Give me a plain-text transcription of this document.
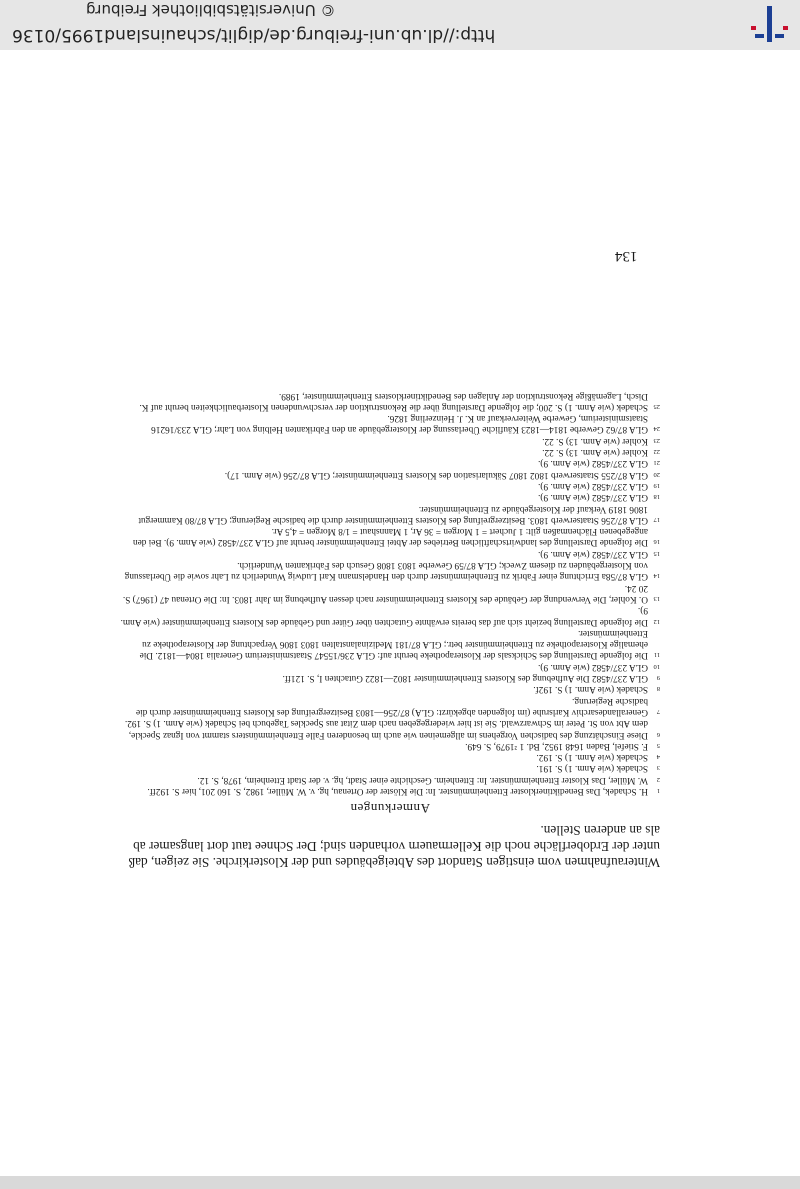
http://dl.ub.uni-freiburg.de/diglit/schauinsland1995/0136
© Universitätsbibliothek Freiburg
134

Winteraufnahmen vom einstigen Standort des Abteigebäudes und der Klosterkirche. Sie zeigen, daß unter der Erdoberfläche noch die Kellermauern vorhanden sind; Der Schnee taut dort langsamer ab als an anderen Stellen.

Anmerkungen

1H. Schadek, Das Benediktinerkloster Ettenheimmünster. In: Die Klöster der Ortenau, hg. v. W. Müller, 1982, S. 160 201, hier S. 192ff.

2W. Müller, Das Kloster Ettenheimmünster. In: Ettenheim. Geschichte einer Stadt, hg. v. der Stadt Ettenheim, 1978, S. 12.

3Schadek (wie Anm. 1) S. 191.

4Schadek (wie Anm. 1) S. 192.

5F. Stiefel, Baden 1648 1952, Bd. 1 ²1979, S. 649.

6Diese Einschätzung des badischen Vorgehens im allgemeinen wie auch im besonderen Falle Ettenheimmünsters stammt von Ignaz Speckle, dem Abt von St. Peter im Schwarzwald. Sie ist hier wiedergegeben nach dem Zitat aus Speckles Tagebuch bei Schadek (wie Anm. 1) S. 192.

7Generallandesarchiv Karlsruhe (im folgenden abgekürzt: GLA) 87/256—1803 Besitzergreifung des Klosters Ettenheimmünster durch die badische Regierung.

8Schadek (wie Anm. 1) S. 192f.

9GLA 237/4582 Die Aufhebung des Klosters Ettenheimmünster 1802—1822 Gutachten I, S. 121ff.

10GLA 237/4582 (wie Anm. 9).

11Die folgende Darstellung des Schicksals der Klosterapotheke beruht auf: GLA 236/15547 Staatsministerium Generalia 1804—1812. Die ehemalige Klosterapotheke zu Ettenheimmünster betr.; GLA 87/181 Medizinalanstalten 1803 1806 Verpachtung der Klosterapotheke zu Ettenheimmünster.

12Die folgende Darstellung bezieht sich auf das bereits erwähnte Gutachten über Güter und Gebäude des Klosters Ettenheimmünster (wie Anm. 9).

13O. Kohler, Die Verwendung der Gebäude des Klosters Ettenheimmünster nach dessen Aufhebung im Jahr 1803. In: Die Ortenau 47 (1967) S. 20 24.

14GLA 87/58a Errichtung einer Fabrik zu Ettenheimmünster durch den Handelsmann Karl Ludwig Wunderlich zu Lahr sowie die Überlassung von Klostergebäuden zu diesem Zweck; GLA 87/59 Gewerbe 1803 1808 Gesuch des Fabrikanten Wunderlich.

15GLA 237/4582 (wie Anm. 9).

16Die folgende Darstellung des landwirtschaftlichen Betriebes der Abtei Ettenheimmünster beruht auf GLA 237/4582 (wie Anm. 9). Bei den angegebenen Flächenmaßen gilt: 1 Juchert = 1 Morgen = 36 Ar, 1 Mannshaut = 1/8 Morgen = 4,5 Ar.

17GLA 87/256 Staatserwerb 1803. Besitzergreifung des Klosters Ettenheimmünster durch die badische Regierung; GLA 87/80 Kammergut 1806 1819 Verkauf der Klostergebäude zu Ettenheimmünster.

18GLA 237/4582 (wie Anm. 9).

19GLA 237/4582 (wie Anm. 9).

20GLA 87/255 Staatserwerb 1802 1807 Säkularisation des Klosters Ettenheimmünster; GLA 87/256 (wie Anm. 17).

21GLA 237/4582 (wie Anm. 9).

22Kohler (wie Anm. 13) S. 22.

23Kohler (wie Anm. 13) S. 22.

24GLA 87/62 Gewerbe 1814—1823 Käufliche Überlassung der Klostergebäude an den Fabrikanten Helbing von Lahr; GLA 233/16216 Staatsministerium, Gewerbe Weiterverkauf an K. J. Heinzerling 1826.

25Schadek (wie Anm. 1) S. 200; die folgende Darstellung über die Rekonstruktion der verschwundenen Klosterbaulichkeiten beruht auf K. Disch, Lagemäßige Rekonstruktion der Anlagen des Benediktinerklosters Ettenheimmünster, 1989.
